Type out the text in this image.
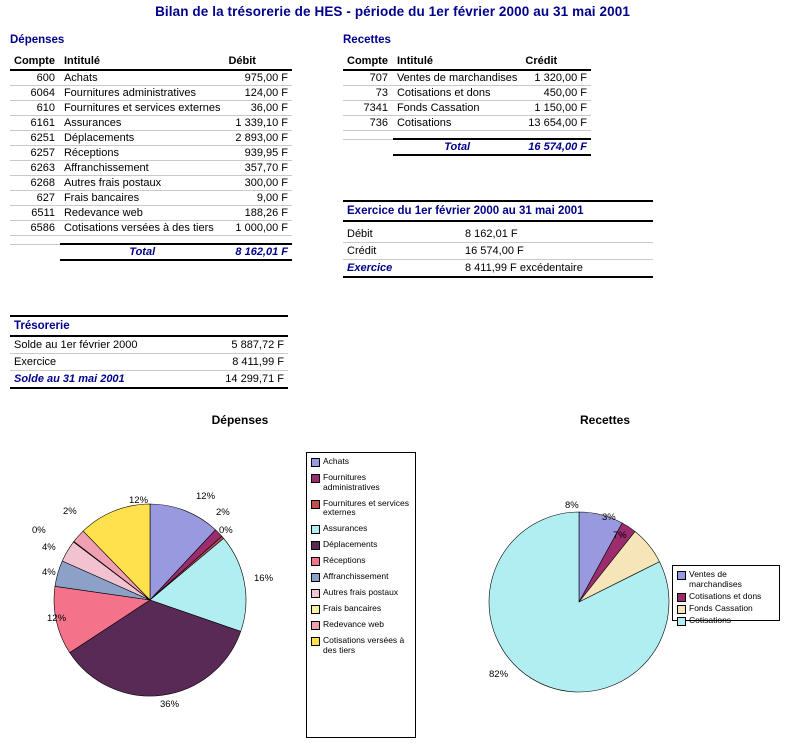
Bilan de la trésorerie de HES - période du 1er février 2000 au 31 mai 2001
Dépenses
Compte	Intitulé	Débit
600	Achats	975,00 F
6064	Fournitures administratives	124,00 F
610	Fournitures et services externes	36,00 F
6161	Assurances	1 339,10 F
6251	Déplacements	2 893,00 F
6257	Réceptions	939,95 F
6263	Affranchissement	357,70 F
6268	Autres frais postaux	300,00 F
627	Frais bancaires	9,00 F
6511	Redevance web	188,26 F
6586	Cotisations versées à des tiers	1 000,00 F

	Total	8 162,01 F
Recettes
Compte	Intitulé	Crédit
707	Ventes de marchandises	1 320,00 F
73	Cotisations et dons	450,00 F
7341	Fonds Cassation	1 150,00 F
736	Cotisations	13 654,00 F

	Total	16 574,00 F
Exercice du 1er février 2000 au 31 mai 2001

Débit	8 162,01 F
Crédit	16 574,00 F
Exercice	8 411,99 F excédentaire
Trésorerie
Solde au 1er février 2000	5 887,72 F
Exercice	8 411,99 F
Solde au 31 mai 2001	14 299,71 F
Dépenses	Recettes
12%	12%
2%	2%
0%	0%
4%
4%
16%
12%
36%
8%
3%
7%
82%
Achats
Fournitures administratives
Fournitures et services externes
Assurances
Déplacements
Réceptions
Affranchissement
Autres frais postaux
Frais bancaires
Redevance web
Cotisations versées à des tiers
Ventes de marchandises
Cotisations et dons
Fonds Cassation
Cotisations
